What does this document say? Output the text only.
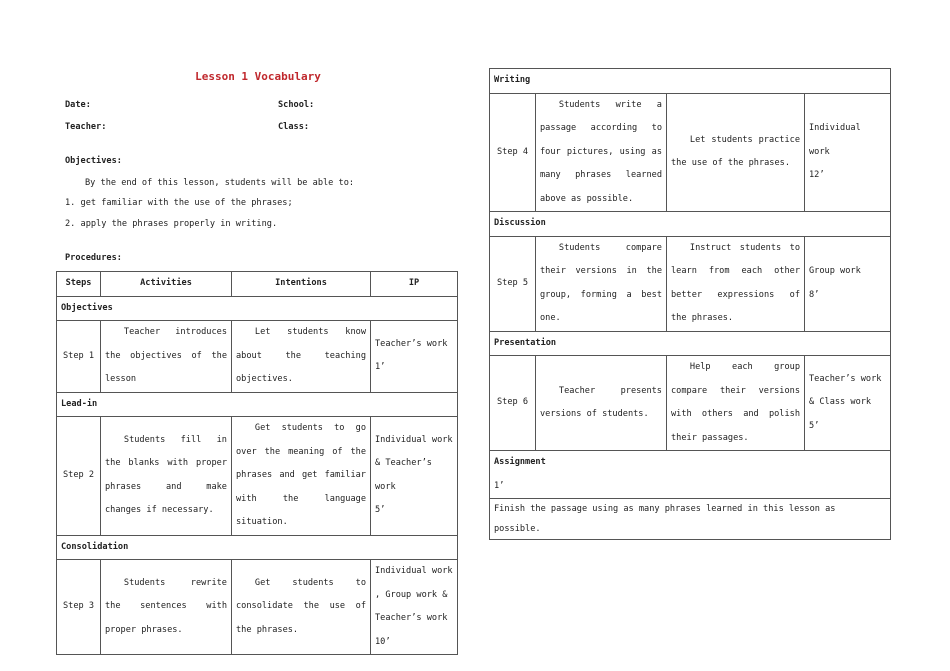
Lesson 1 Vocabulary
Date:	School:
Teacher:	Class:
Objectives:
By the end of this lesson, students will be able to:
1. get familiar with the use of the phrases;
2. apply the phrases properly in writing.
Procedures:
Steps	Activities	Intentions	IP
Objectives			
Step 1	Teacher introduces the objectives of the lesson	Let students know about the teaching objectives.	Teacher’s work
1’

Lead-in			
Step 2	Students fill in the blanks with proper phrases and make changes if necessary.	Get students to go over the meaning of the phrases and get familiar with the language situation.	Individual work & Teacher’s work
5’

Consolidation			
Step 3	Students rewrite the sentences with proper phrases.	Get students to consolidate the use of the phrases.	Individual work , Group work & Teacher’s work
10’
Writing			
Step 4	Students write a passage according to four pictures, using as many phrases learned above as possible.	Let students practice the use of the phrases.	Individual work
12’

Discussion			
Step 5	Students compare their versions in the group, forming a best one.	Instruct students to learn from each other better expressions of the phrases.	Group work
8’

Presentation			
Step 6	Teacher presents versions of students.	Help each group compare their versions with others and polish their passages.	Teacher’s work & Class work
5’

Assignment
1’			

Finish the passage using as many phrases learned in this lesson as possible.			
